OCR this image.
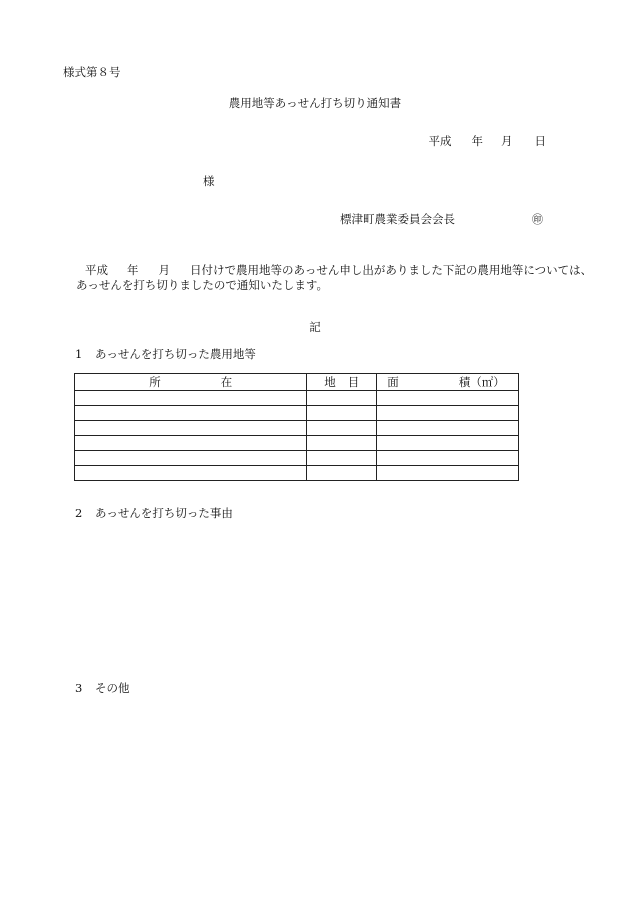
様式第８号
農用地等あっせん打ち切り通知書
平成 年 月 日
様
標津町農業委員会会長	㊞
平成 年 月 日付けで農用地等のあっせん申し出がありました下記の農用地等については、
あっせんを打ち切りましたので通知いたします。
記
1 あっせんを打ち切った農用地等
所 在	地 目	面 積（㎡）

2 あっせんを打ち切った事由
3 その他
